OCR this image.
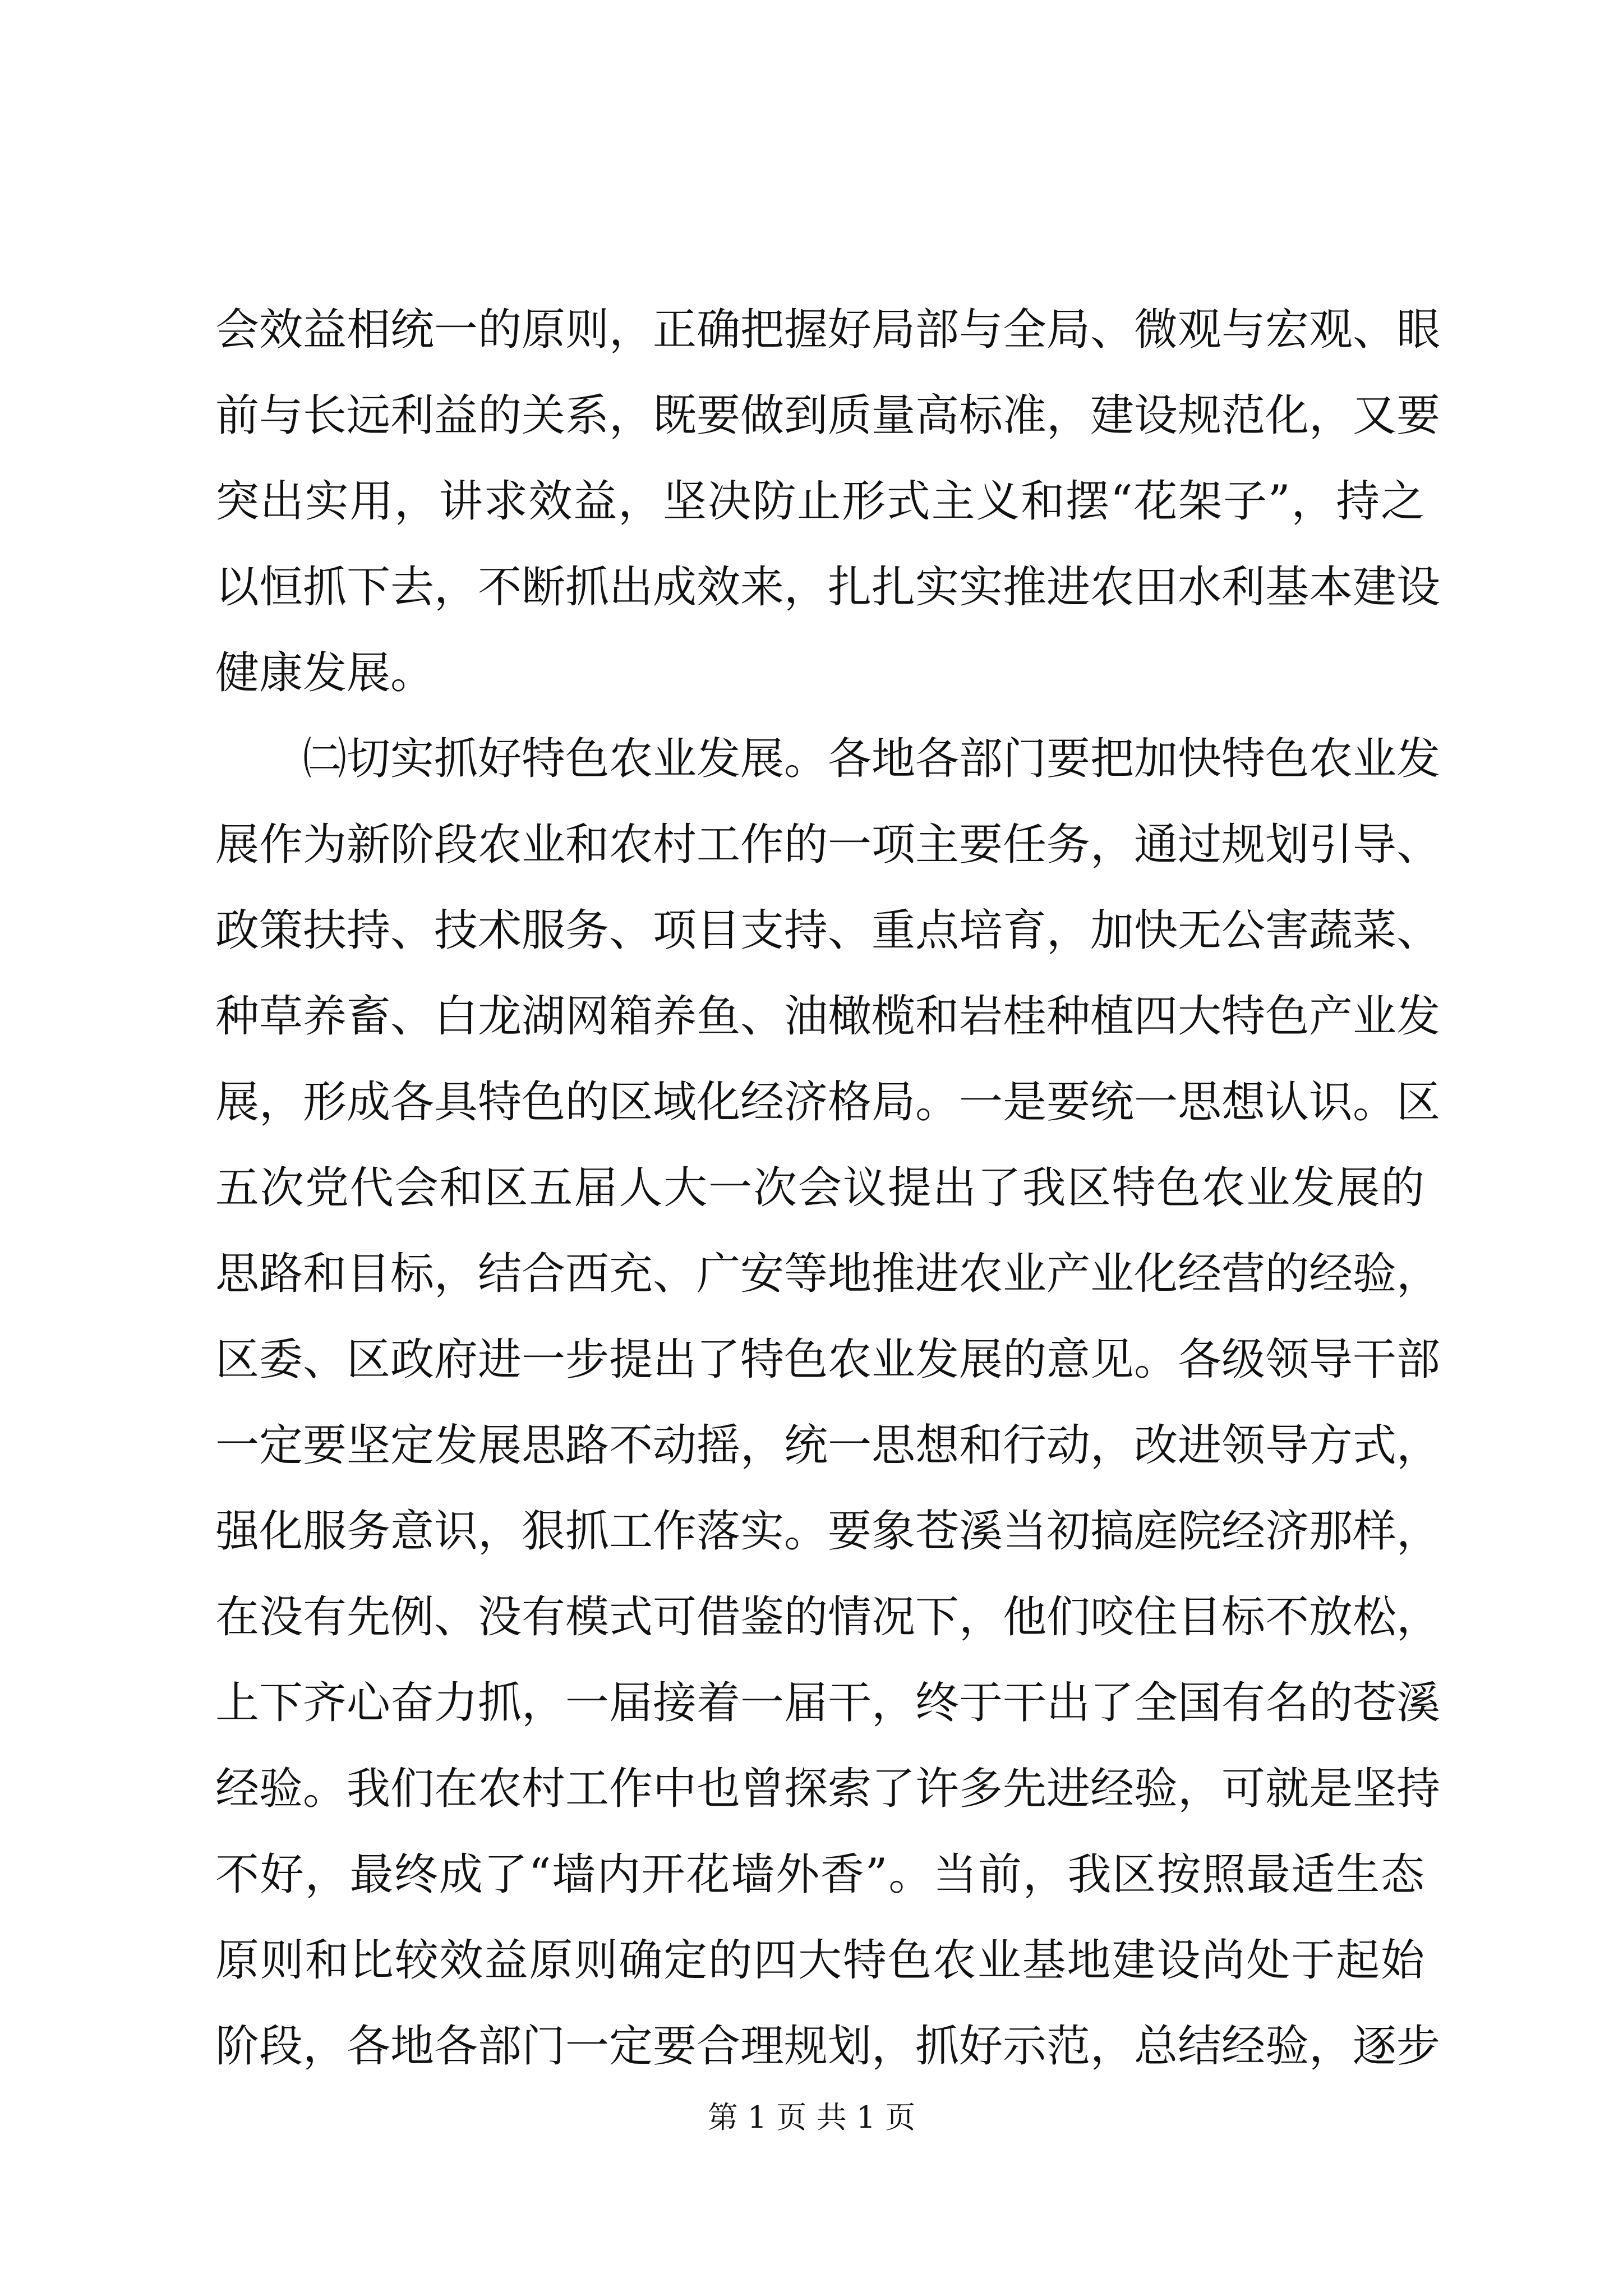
会效益相统一的原则，正确把握好局部与全局、微观与宏观、眼
前与长远利益的关系，既要做到质量高标准，建设规范化，又要
突出实用，讲求效益，坚决防止形式主义和摆“花架子”，持之
以恒抓下去，不断抓出成效来，扎扎实实推进农田水利基本建设
健康发展。
　　㈡切实抓好特色农业发展。各地各部门要把加快特色农业发
展作为新阶段农业和农村工作的一项主要任务，通过规划引导、
政策扶持、技术服务、项目支持、重点培育，加快无公害蔬菜、
种草养畜、白龙湖网箱养鱼、油橄榄和岩桂种植四大特色产业发
展，形成各具特色的区域化经济格局。一是要统一思想认识。区
五次党代会和区五届人大一次会议提出了我区特色农业发展的
思路和目标，结合西充、广安等地推进农业产业化经营的经验，
区委、区政府进一步提出了特色农业发展的意见。各级领导干部
一定要坚定发展思路不动摇，统一思想和行动，改进领导方式，
强化服务意识，狠抓工作落实。要象苍溪当初搞庭院经济那样，
在没有先例、没有模式可借鉴的情况下，他们咬住目标不放松，
上下齐心奋力抓，一届接着一届干，终于干出了全国有名的苍溪
经验。我们在农村工作中也曾探索了许多先进经验，可就是坚持
不好，最终成了“墙内开花墙外香”。当前，我区按照最适生态
原则和比较效益原则确定的四大特色农业基地建设尚处于起始
阶段，各地各部门一定要合理规划，抓好示范，总结经验，逐步
第 1 页 共 1 页
